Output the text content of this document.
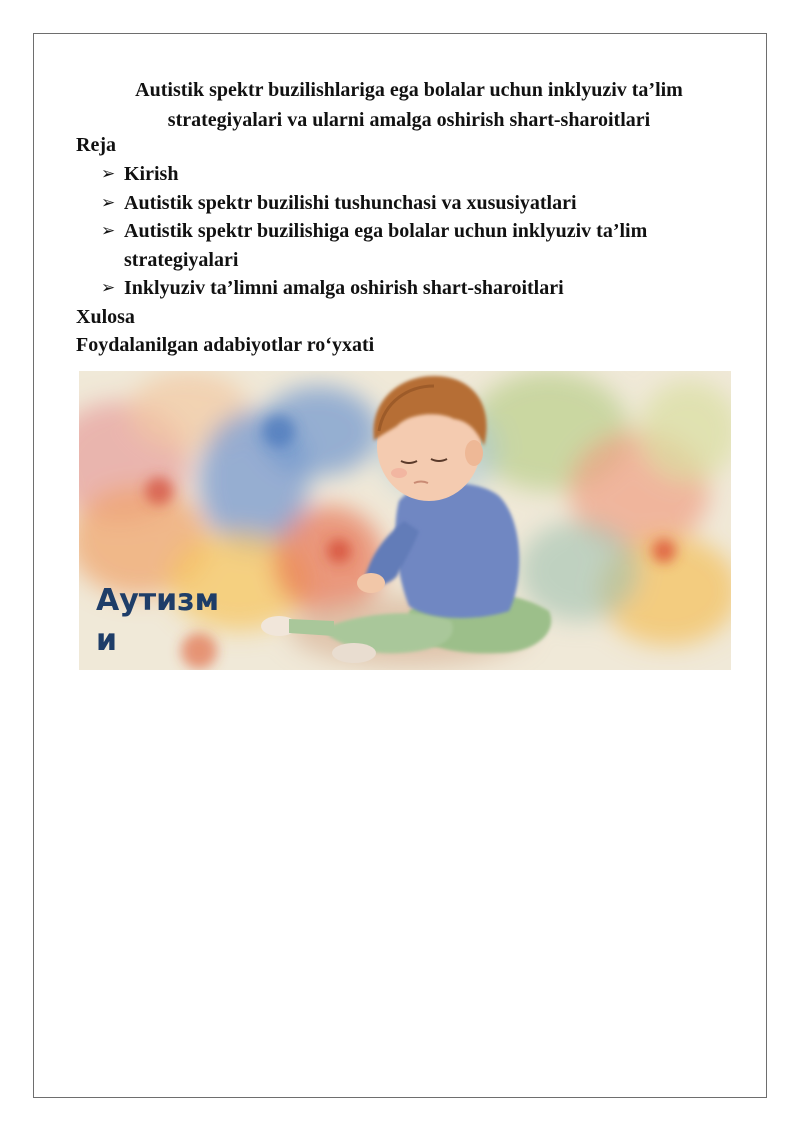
Autistik spektr buzilishlariga ega bolalar uchun inklyuziv ta’lim strategiyalari va ularni amalga oshirish shart-sharoitlari
Reja
➢ Kirish
➢ Autistik spektr buzilishi tushunchasi va xususiyatlari
➢ Autistik spektr buzilishiga ega bolalar uchun inklyuziv ta’lim strategiyalari
➢ Inklyuziv ta’limni amalga oshirish shart-sharoitlari
Xulosa
Foydalanilgan adabiyotlar ro‘yxati
Аутизм
и
